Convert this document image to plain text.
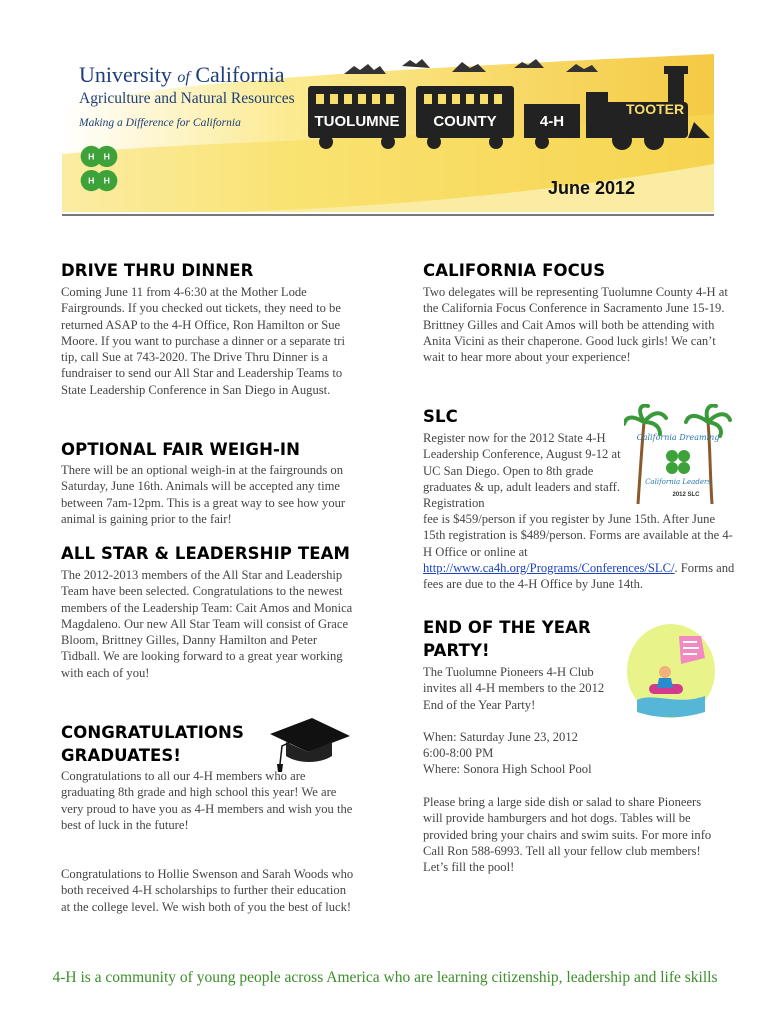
University of California
Agriculture and Natural Resources
Making a Difference for California
H H
H H
TUOLUMNE COUNTY	4-H
TOOTER
June 2012
DRIVE THRU DINNER

Coming June 11 from 4-6:30 at the Mother Lode Fairgrounds. If you checked out tickets, they need to be returned ASAP to the 4-H Office, Ron Hamilton or Sue Moore. If you want to purchase a dinner or a separate tri tip, call Sue at 743-2020. The Drive Thru Dinner is a fundraiser to send our All Star and Leadership Teams to State Leadership Conference in San Diego in August.

OPTIONAL FAIR WEIGH-IN

There will be an optional weigh-in at the fairgrounds on Saturday, June 16th. Animals will be accepted any time between 7am-12pm. This is a great way to see how your animal is gaining prior to the fair!

ALL STAR & LEADERSHIP TEAM

The 2012-2013 members of the All Star and Leadership Team have been selected. Congratulations to the newest members of the Leadership Team: Cait Amos and Monica Magdaleno. Our new All Star Team will consist of Grace Bloom, Brittney Gilles, Danny Hamilton and Peter Tidball. We are looking forward to a great year working with each of you!

CONGRATULATIONS
GRADUATES!

Congratulations to all our 4-H members who are graduating 8th grade and high school this year! We are very proud to have you as 4-H members and wish you the best of luck in the future!

Congratulations to Hollie Swenson and Sarah Woods who both received 4-H scholarships to further their education at the college level. We wish both of you the best of luck!

CALIFORNIA FOCUS

Two delegates will be representing Tuolumne County 4-H at the California Focus Conference in Sacramento June 15-19. Brittney Gilles and Cait Amos will both be attending with Anita Vicini as their chaperone. Good luck girls! We can’t wait to hear more about your experience!

SLC

Register now for the 2012 State 4-H Leadership Conference, August 9-12 at UC San Diego. Open to 8th grade graduates & up, adult leaders and staff. Registration

fee is $459/person if you register by June 15th. After June 15th registration is $489/person. Forms are available at the 4-H Office or online at http://www.ca4h.org/Programs/Conferences/SLC/. Forms and fees are due to the 4-H Office by June 14th.

California Dreaming
California Leaders
2012 SLC
END OF THE YEAR
PARTY!

The Tuolumne Pioneers 4-H Club invites all 4-H members to the 2012 End of the Year Party!

When: Saturday June 23, 2012

6:00-8:00 PM

Where: Sonora High School Pool

Please bring a large side dish or salad to share Pioneers will provide hamburgers and hot dogs. Tables will be provided bring your chairs and swim suits. For more info Call Ron 588-6993. Tell all your fellow club members! Let’s fill the pool!

4-H is a community of young people across America who are learning citizenship, leadership and life skills
